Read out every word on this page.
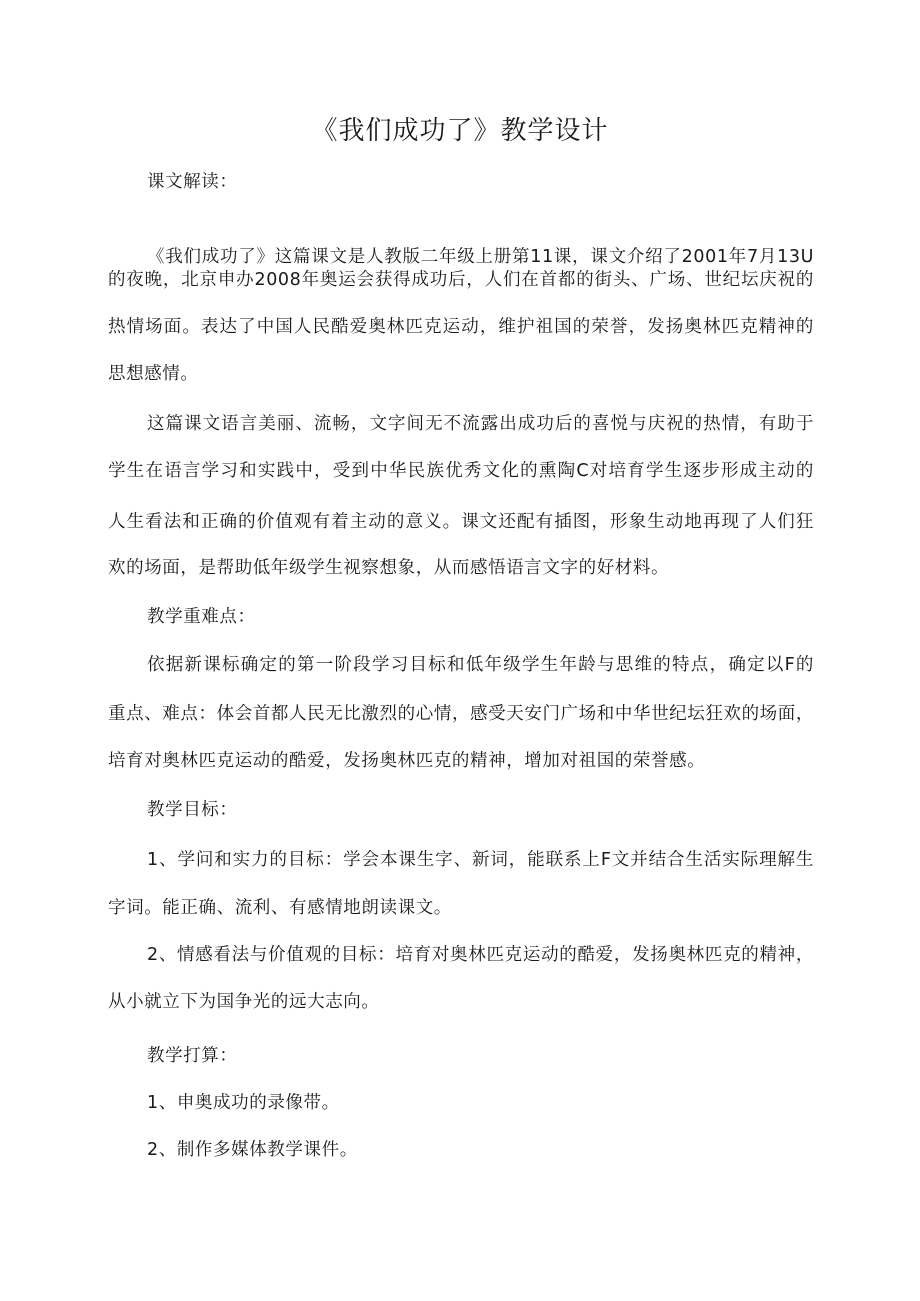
《我们成功了》教学设计
课文解读：
《我们成功了》这篇课文是人教版二年级上册第11课，课文介绍了2001年7月13U
的夜晚，北京申办2008年奥运会获得成功后，人们在首都的街头、广场、世纪坛庆祝的
热情场面。表达了中国人民酷爱奥林匹克运动，维护祖国的荣誉，发扬奥林匹克精神的
思想感情。
这篇课文语言美丽、流畅，文字间无不流露出成功后的喜悦与庆祝的热情，有助于
学生在语言学习和实践中，受到中华民族优秀文化的熏陶C对培育学生逐步形成主动的
人生看法和正确的价值观有着主动的意义。课文还配有插图，形象生动地再现了人们狂
欢的场面，是帮助低年级学生视察想象，从而感悟语言文字的好材料。
教学重难点：
依据新课标确定的第一阶段学习目标和低年级学生年龄与思维的特点，确定以F的
重点、难点：体会首都人民无比激烈的心情，感受天安门广场和中华世纪坛狂欢的场面，
培育对奥林匹克运动的酷爱，发扬奥林匹克的精神，增加对祖国的荣誉感。
教学目标：
1、学问和实力的目标：学会本课生字、新词，能联系上F文并结合生活实际理解生
字词。能正确、流利、有感情地朗读课文。
2、情感看法与价值观的目标：培育对奥林匹克运动的酷爱，发扬奥林匹克的精神，
从小就立下为国争光的远大志向。
教学打算：
1、申奥成功的录像带。
2、制作多媒体教学课件。
